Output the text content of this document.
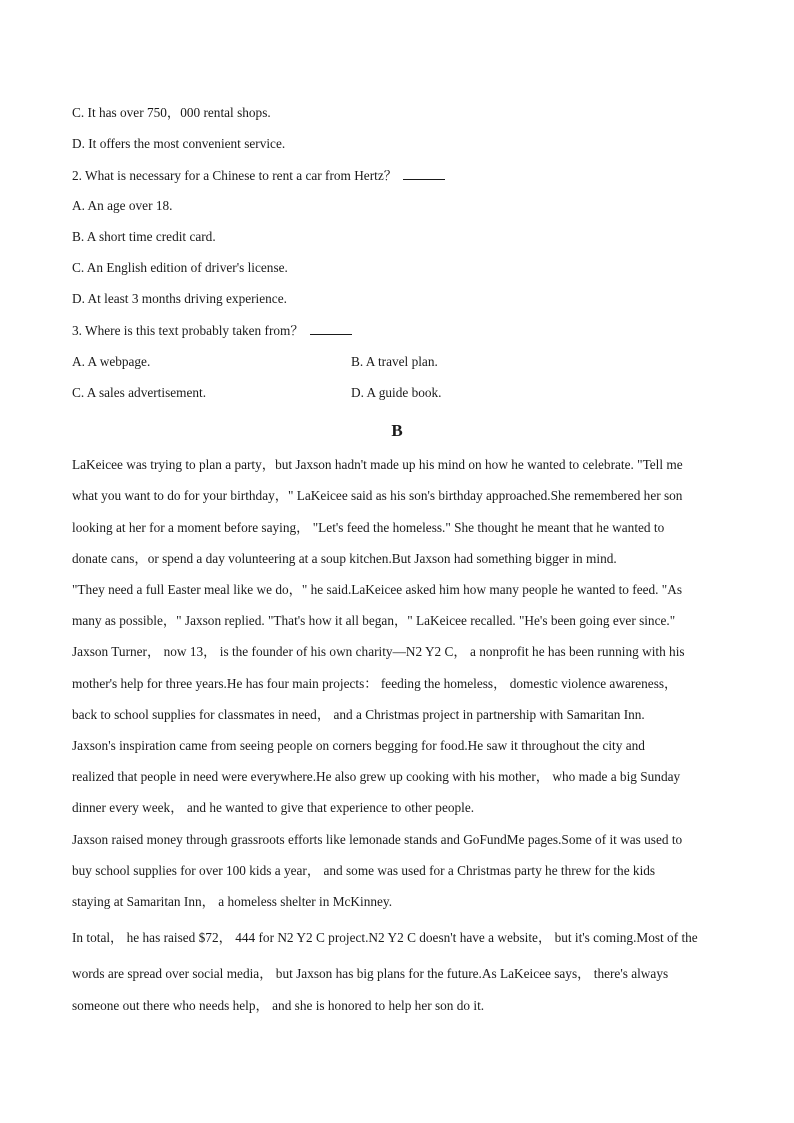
C. It has over 750，000 rental shops.
D. It offers the most convenient service.
2. What is necessary for a Chinese to rent a car from Hertz？
A. An age over 18.
B. A short time credit card.
C. An English edition of driver's license.
D. At least 3 months driving experience.
3. Where is this text probably taken from？
A. A webpage.	B. A travel plan.
C. A sales advertisement.	D. A guide book.
B
LaKeicee was trying to plan a party，but Jaxson hadn't made up his mind on how he wanted to celebrate. "Tell me
what you want to do for your birthday，" LaKeicee said as his son's birthday approached.She remembered her son
looking at her for a moment before saying， "Let's feed the homeless." She thought he meant that he wanted to
donate cans，or spend a day volunteering at a soup kitchen.But Jaxson had something bigger in mind.
"They need a full Easter meal like we do，" he said.LaKeicee asked him how many people he wanted to feed. "As
many as possible，" Jaxson replied. "That's how it all began，" LaKeicee recalled. "He's been going ever since."
Jaxson Turner， now 13， is the founder of his own charity—N2 Y2 C， a nonprofit he has been running with his
mother's help for three years.He has four main projects： feeding the homeless， domestic violence awareness，
back to school supplies for classmates in need， and a Christmas project in partnership with Samaritan Inn.
Jaxson's inspiration came from seeing people on corners begging for food.He saw it throughout the city and
realized that people in need were everywhere.He also grew up cooking with his mother， who made a big Sunday
dinner every week， and he wanted to give that experience to other people.
Jaxson raised money through grassroots efforts like lemonade stands and GoFundMe pages.Some of it was used to
buy school supplies for over 100 kids a year， and some was used for a Christmas party he threw for the kids
staying at Samaritan Inn， a homeless shelter in McKinney.
In total， he has raised $72， 444 for N2 Y2 C project.N2 Y2 C doesn't have a website， but it's coming.Most of the
words are spread over social media， but Jaxson has big plans for the future.As LaKeicee says， there's always
someone out there who needs help， and she is honored to help her son do it.
